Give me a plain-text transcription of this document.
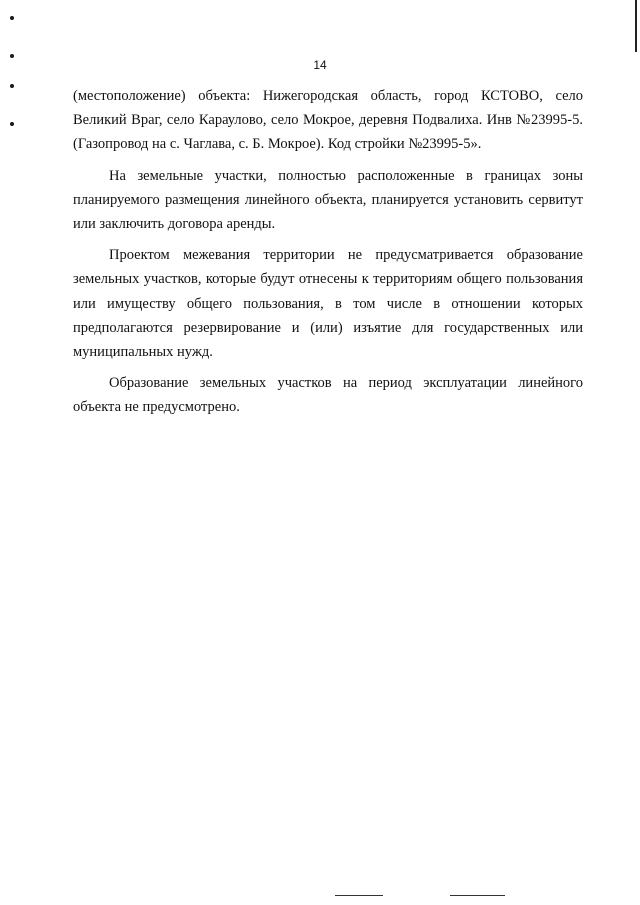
14

(местоположение) объекта: Нижегородская область, город КСТОВО, село Великий Враг, село Караулово, село Мокрое, деревня Подвалиха. Инв №23995-5. (Газопровод на с. Чаглава, с. Б. Мокрое). Код стройки №23995-5».

На земельные участки, полностью расположенные в границах зоны планируемого размещения линейного объекта, планируется установить сервитут или заключить договора аренды.

Проектом межевания территории не предусматривается образование земельных участков, которые будут отнесены к территориям общего пользования или имуществу общего пользования, в том числе в отношении которых предполагаются резервирование и (или) изъятие для государственных или муниципальных нужд.

Образование земельных участков на период эксплуатации линейного объекта не предусмотрено.
